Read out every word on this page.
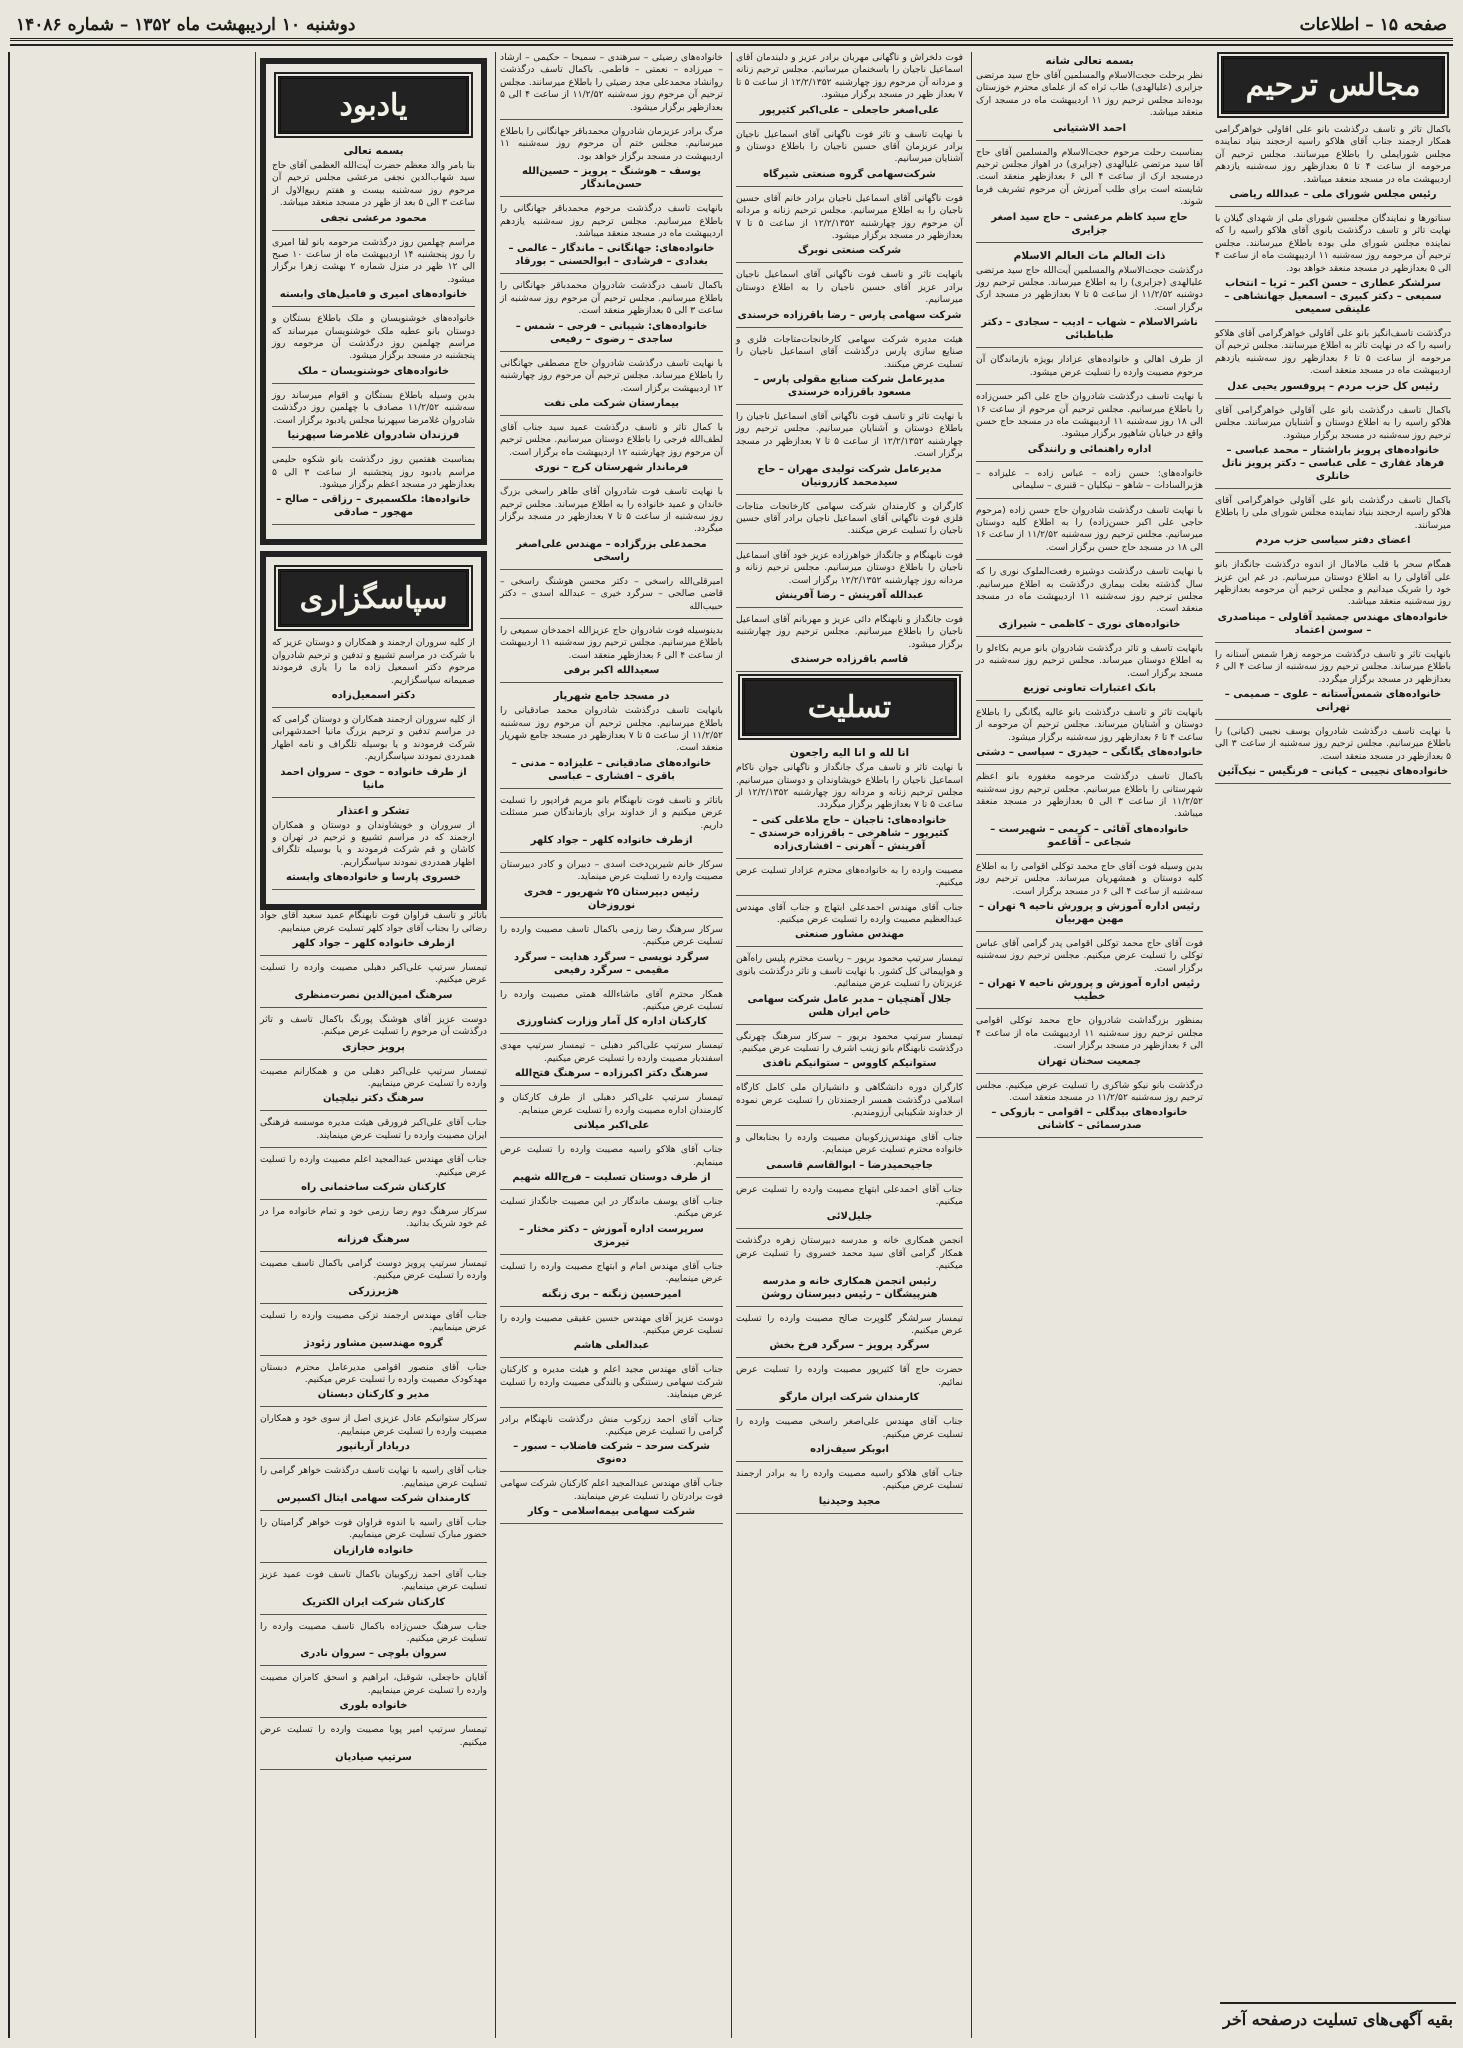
صفحه ۱۵ – اطلاعات
دوشنبه ۱۰ اردیبهشت ماه ۱۳۵۲ – شماره ۱۴۰۸۶
مجالس ترحیم
باکمال تاثر و تاسف درگذشت بانو علی اقاولی خواهرگرامی همکار ارجمند جناب آقای هلاکو راسیه ارحجند بنیاد نماینده مجلس شورایملی را باطلاع میرسانند. مجلس ترحیم آن مرحومه از ساعت ۴ تا ۵ بعدازظهر روز سه‌شنبه یازدهم اردیبهشت ماه در مسجد منعقد میباشد.
رئیس مجلس شورای ملی – عبدالله ریاضی
سناتورها و نمایندگان مجلسین شورای ملی از شهدای گیلان با نهایت تاثر و تاسف درگذشت بانوی آقای هلاکو راسیه را که نماینده مجلس شورای ملی بوده باطلاع میرسانند. مجلس ترحیم آن مرحومه روز سه‌شنبه ۱۱ اردیبهشت ماه از ساعت ۴ الی ۵ بعدازظهر در مسجد منعقد خواهد بود.
سرلشکر عطاری – حسن اکبر – ثریا – انتخاب سمیعی – دکتر کبیری – اسمعیل جهانشاهی – علینقی سمیعی
درگذشت تاسف‌انگیز بانو علی آقاولی خواهرگرامی آقای هلاکو راسیه را که در نهایت تاثر به اطلاع میرسانند. مجلس ترحیم آن مرحومه از ساعت ۵ تا ۶ بعدازظهر روز سه‌شنبه یازدهم اردیبهشت ماه در مسجد منعقد است.
رئیس کل حزب مردم – پروفسور یحیی عدل
باکمال تاسف درگذشت بانو علی آقاولی خواهرگرامی آقای هلاکو راسیه را به اطلاع دوستان و آشنایان میرسانند. مجلس ترحیم روز سه‌شنبه در مسجد برگزار میشود.
خانواده‌های پرویز باراشتار – محمد عباسی – فرهاد غفاری – علی عباسی – دکتر پرویز ناتل خانلری
باکمال تاسف درگذشت بانو علی آقاولی خواهرگرامی آقای هلاکو راسیه ارحجند بنیاد نماینده مجلس شورای ملی را باطلاع میرسانند.
اعضای دفتر سیاسی حزب مردم
همگام سحر با قلب مالامال از اندوه درگذشت جانگداز بانو علی آقاولی را به اطلاع دوستان میرسانیم. در غم این عزیز خود را شریک میدانیم و مجلس ترحیم آن مرحومه بعدازظهر روز سه‌شنبه منعقد میباشد.
خانواده‌های مهندس جمشید آقاولی – میناصدری – سوسن اعتماد
بانهایت تاثر و تاسف درگذشت مرحومه زهرا شمس آستانه را باطلاع میرساند. مجلس ترحیم روز سه‌شنبه از ساعت ۴ الی ۶ بعدازظهر در مسجد برگزار میگردد.
خانواده‌های شمس‌آستانه – علوی – صمیمی – تهرانی
با نهایت تاسف درگذشت شادروان یوسف نجیبی (کیانی) را باطلاع میرسانیم. مجلس ترحیم روز سه‌شنبه از ساعت ۳ الی ۵ بعدازظهر در مسجد منعقد است.
خانواده‌های نجیبی – کیانی – فرنگیس – نیک‌آئین
بسمه تعالی شانه
نظر برحلت حجت‌الاسلام والمسلمین آقای حاج سید مرتضی جزایری (علیالهدی) طاب ثراه که از علمای محترم خوزستان بوده‌اند مجلس ترحیم روز ۱۱ اردیبهشت ماه در مسجد ارک منعقد میباشد.
احمد الاشتیانی
بمناسبت رحلت مرحوم حجت‌الاسلام والمسلمین آقای حاج آقا سید مرتضی علیالهدی (جزایری) در اهواز مجلس ترحیم درمسجد ارک از ساعت ۴ الی ۶ بعدازظهر منعقد است. شایسته است برای طلب آمرزش آن مرحوم تشریف فرما شوند.
حاج سید کاظم مرعشی – حاج سید اصغر جزایری
ذات العالم مات العالم الاسلام
درگذشت حجت‌الاسلام والمسلمین آیت‌الله حاج سید مرتضی علیالهدی (جزایری) را به اطلاع میرساند. مجلس ترحیم روز دوشنبه ۱۱/۲/۵۲ از ساعت ۵ تا ۷ بعدازظهر در مسجد ارک برگزار است.
ناشرالاسلام – شهاب – ادیب – سجادی – دکتر طباطبائی
از طرف اهالی و خانواده‌های عزادار بویژه بازماندگان آن مرحوم مصیبت وارده را تسلیت عرض میشود.
با نهایت تاسف درگذشت شادروان حاج علی اکبر حسن‌زاده را باطلاع میرسانیم. مجلس ترحیم آن مرحوم از ساعت ۱۶ الی ۱۸ روز سه‌شنبه ۱۱ اردیبهشت ماه در مسجد حاج حسن واقع در خیابان شاهپور برگزار میشود.
اداره راهنمائی و رانندگی
خانواده‌های: حسن زاده – عباس زاده – علیزاده – هژبرالسادات – شاهو – نیکلیان – قنبری – سلیمانی
با نهایت تاسف درگذشت شادروان حاج حسن زاده (مرحوم حاجی علی اکبر حسن‌زاده) را به اطلاع کلیه دوستان میرسانیم. مجلس ترحیم روز سه‌شنبه ۱۱/۲/۵۲ از ساعت ۱۶ الی ۱۸ در مسجد حاج حسن برگزار است.
با نهایت تاسف درگذشت دوشیزه رفعت‌الملوک نوری را که سال گذشته بعلت بیماری درگذشت به اطلاع میرسانیم. مجلس ترحیم روز سه‌شنبه ۱۱ اردیبهشت ماه در مسجد منعقد است.
خانواده‌های نوری – کاظمی – شیرازی
بانهایت تاسف و تاثر درگذشت شادروان بانو مریم بکاءلو را به اطلاع دوستان میرساند. مجلس ترحیم روز سه‌شنبه در مسجد برگزار است.
بانک اعتبارات تعاونی توزیع
بانهایت تاثر و تاسف درگذشت بانو عالیه یگانگی را باطلاع دوستان و آشنایان میرساند. مجلس ترحیم آن مرحومه از ساعت ۴ تا ۶ بعدازظهر روز سه‌شنبه برگزار میشود.
خانواده‌های یگانگی – حیدری – سپاسی – دشتی
باکمال تاسف درگذشت مرحومه مغفوره بانو اعظم شهرستانی را باطلاع میرسانیم. مجلس ترحیم روز سه‌شنبه ۱۱/۲/۵۲ از ساعت ۳ الی ۵ بعدازظهر در مسجد منعقد میباشد.
خانواده‌های آقائی – کریمی – شهیرست – شجاعی – آقاعمو
بدین وسیله فوت آقای حاج محمد توکلی اقوامی را به اطلاع کلیه دوستان و همشهریان میرساند. مجلس ترحیم روز سه‌شنبه از ساعت ۴ الی ۶ در مسجد برگزار است.
رئیس اداره آموزش و پرورش ناحیه ۹ تهران – مهین مهربیان
فوت آقای حاج محمد توکلی اقوامی پدر گرامی آقای عباس توکلی را تسلیت عرض میکنیم. مجلس ترحیم روز سه‌شنبه برگزار است.
رئیس اداره آموزش و پرورش ناحیه ۷ تهران – خطیب
بمنظور بزرگداشت شادروان حاج محمد توکلی اقوامی مجلس ترحیم روز سه‌شنبه ۱۱ اردیبهشت ماه از ساعت ۴ الی ۶ بعدازظهر در مسجد برگزار است.
جمعیت سخنان تهران
درگذشت بانو نیکو شاکری را تسلیت عرض میکنیم. مجلس ترحیم روز سه‌شنبه ۱۱/۲/۵۲ در مسجد منعقد است.
خانواده‌های بیدگلی – اقوامی – بازوکی – صدرسمائی – کاشانی
فوت دلخراش و ناگهانی مهربان برادر عزیز و دلبندمان آقای اسماعیل ناجیان را باسخنمان میرسانیم. مجلس ترحیم زنانه و مردانه آن مرحوم روز چهارشنبه ۱۲/۲/۱۳۵۲ از ساعت ۵ تا ۷ بعداز ظهر در مسجد برگزار میشود.
علی‌اصغر حاجعلی – علی‌اکبر کثیرپور
با نهایت تاسف و تاثر فوت ناگهانی آقای اسماعیل ناجیان برادر عزیزمان آقای حسین ناجیان را باطلاع دوستان و آشنایان میرسانیم.
شرکت‌سهامی گروه صنعتی شیرگاه
فوت ناگهانی آقای اسماعیل ناجیان برادر خانم آقای حسین ناجیان را به اطلاع میرسانیم. مجلس ترحیم زنانه و مردانه آن مرحوم روز چهارشنبه ۱۲/۲/۱۳۵۲ از ساعت ۵ تا ۷ بعدازظهر در مسجد برگزار میشود.
شرکت صنعتی نوبرگ
بانهایت تاثر و تاسف فوت ناگهانی آقای اسماعیل ناجیان برادر عزیز آقای حسین ناجیان را به اطلاع دوستان میرسانیم.
شرکت سهامی پارس – رضا باقرزاده خرسندی
هیئت مدیره شرکت سهامی کارخانجات‌متاجات فلزی و صنایع سازی پارس درگذشت آقای اسماعیل ناجیان را تسلیت عرض میکنند.
مدیرعامل شرکت صنایع مقولی پارس – مسعود باقرزاده خرسندی
با نهایت تاثر و تاسف فوت ناگهانی آقای اسماعیل ناجیان را باطلاع دوستان و آشنایان میرسانیم. مجلس ترحیم روز چهارشنبه ۱۲/۲/۱۳۵۲ از ساعت ۵ تا ۷ بعدازظهر در مسجد برگزار است.
مدیرعامل شرکت تولیدی مهران – حاج سیدمحمد کازرونیان
کارگران و کارمندان شرکت سهامی کارخانجات متاجات فلزی فوت ناگهانی آقای اسماعیل ناجیان برادر آقای حسین ناجیان را تسلیت عرض میکنند.
فوت نابهنگام و جانگداز خواهرزاده عزیز خود آقای اسماعیل ناجیان را باطلاع دوستان میرسانیم. مجلس ترحیم زنانه و مردانه روز چهارشنبه ۱۲/۲/۱۳۵۲ برگزار است.
عبدالله آفرینش – رضا آفرینش
فوت جانگداز و نابهنگام دائی عزیز و مهربانم آقای اسماعیل ناجیان را باطلاع میرسانیم. مجلس ترحیم روز چهارشنبه برگزار میشود.
قاسم باقرزاده خرسندی
تسلیت
انا لله و انا الیه راجعون
با نهایت تاثر و تاسف مرگ جانگداز و ناگهانی جوان ناکام اسماعیل ناجیان را باطلاع خویشاوندان و دوستان میرسانیم. مجلس ترحیم زنانه و مردانه روز چهارشنبه ۱۲/۲/۱۳۵۲ از ساعت ۵ تا ۷ بعدازظهر برگزار میگردد.
خانواده‌های: ناجیان – حاج ملاعلی کنی – کثیرپور – شاهرخی – باقرزاده خرسندی – آفرینش – آهرنی – افشاری‌زاده
مصیبت وارده را به خانواده‌های محترم عزادار تسلیت عرض میکنیم.
جناب آقای مهندس احمدعلی ابتهاج و جناب آقای مهندس عبدالعظیم مصیبت وارده را تسلیت عرض میکنیم.
مهندس مشاور صنعتی
تیمسار سرتیپ محمود بریور – ریاست محترم پلیس راه‌آهن و هواپیمائی کل کشور. با نهایت تاسف و تاثر درگذشت بانوی عزیزتان را تسلیت عرض مینمائیم.
جلال آهنچیان – مدیر عامل شرکت سهامی خاص ایران هلس
تیمسار سرتیپ محمود بریور – سرکار سرهنگ چهرنگی درگذشت نابهنگام بانو زینب اشرف را تسلیت عرض میکنیم.
ستوانیکم کاووس – ستوانیکم نافذی
کارگران دوره دانشگاهی و دانشیاران ملی کامل کارگاه اسلامی درگذشت همسر ارجمندتان را تسلیت عرض نموده از خداوند شکیبایی آرزومندیم.
جناب آقای مهندس‌زرکوبیان مصیبت وارده را بجنابعالی و خانواده محترم تسلیت عرض مینمایم.
جاجیحمیدرضا – ابوالقاسم قاسمی
جناب آقای احمدعلی ابتهاج مصیبت وارده را تسلیت عرض میکنیم.
جلیل‌لائی
انجمن همکاری خانه و مدرسه دبیرستان زهره درگذشت همکار گرامی آقای سید محمد خسروی را تسلیت عرض میکنیم.
رئیس انجمن همکاری خانه و مدرسه هنرپیشگان – رئیس دبیرستان روشن
تیمسار سرلشگر گلوپرت صالح مصیبت وارده را تسلیت عرض میکنیم.
سرگرد پرویز – سرگرد فرخ بخش
حضرت حاج آقا کثیرپور مصیبت وارده را تسلیت عرض نمائیم.
کارمندان شرکت ایران مارگو
جناب آقای مهندس علی‌اصغر راسخی مصیبت وارده را تسلیت عرض میکنیم.
ابوبکر سیف‌زاده
جناب آقای هلاکو راسیه مصیبت وارده را به برادر ارجمند تسلیت عرض میکنیم.
مجید وحیدنیا
خانواده‌های رضیئی – سرهندی – سمیحا – حکیمی – ارشاد – میرزاده – نعمتی – فاطمی. باکمال تاسف درگذشت روانشاد محمدعلی مجد رضیئی را باطلاع میرسانند. مجلس ترحیم آن مرحوم روز سه‌شنبه ۱۱/۲/۵۲ از ساعت ۴ الی ۵ بعدازظهر برگزار میشود.
مرگ برادر عزیزمان شادروان محمدباقر جهانگانی را باطلاع میرسانیم. مجلس ختم آن مرحوم روز سه‌شنبه ۱۱ اردیبهشت در مسجد برگزار خواهد بود.
یوسف – هوشنگ – پرویز – حسین‌الله حسن‌ماندگار
بانهایت تاسف درگذشت مرحوم محمدباقر جهانگانی را باطلاع میرسانیم. مجلس ترحیم روز سه‌شنبه یازدهم اردیبهشت ماه در مسجد منعقد میباشد.
خانواده‌های: جهانگانی – ماندگار – عالمی – بغدادی – فرشادی – ابوالحسنی – بورقاد
باکمال تاسف درگذشت شادروان محمدباقر جهانگانی را باطلاع میرسانیم. مجلس ترحیم آن مرحوم روز سه‌شنبه از ساعت ۳ الی ۵ بعدازظهر منعقد است.
خانواده‌های: شیبانی – فرجی – شمس – ساجدی – رضوی – رفیعی
با نهایت تاسف درگذشت شادروان حاج مصطفی جهانگانی را باطلاع میرساند. مجلس ترحیم آن مرحوم روز چهارشنبه ۱۲ اردیبهشت برگزار است.
بیمارستان شرکت ملی نفت
با کمال تاثر و تاسف درگذشت عمید سید جناب آقای لطف‌الله فرجی را باطلاع دوستان میرسانیم. مجلس ترحیم آن مرحوم روز چهارشنبه ۱۲ اردیبهشت ماه برگزار است.
فرماندار شهرستان کرج – نوری
با نهایت تاسف فوت شادروان آقای طاهر راسخی بزرگ خاندان و عمید خانواده را به اطلاع میرساند. مجلس ترحیم روز سه‌شنبه از ساعت ۵ تا ۷ بعدازظهر در مسجد برگزار میگردد.
محمدعلی بزرگزاده – مهندس علی‌اصغر راسخی
امیرقلی‌الله راسخی – دکتر محسن هوشنگ راسخی – قاضی صالحی – سرگرد خیری – عبدالله اسدی – دکتر حبیب‌الله
بدینوسیله فوت شادروان حاج عزیزالله احمدخان سمیعی را باطلاع میرسانیم. مجلس ترحیم روز سه‌شنبه ۱۱ اردیبهشت از ساعت ۴ الی ۶ بعدازظهر منعقد است.
سعیدالله اکبر برفی
در مسجد جامع شهرپار
بانهایت تاسف درگذشت شادروان محمد صادقیانی را باطلاع میرسانیم. مجلس ترحیم آن مرحوم روز سه‌شنبه ۱۱/۲/۵۲ از ساعت ۵ تا ۷ بعدازظهر در مسجد جامع شهرپار منعقد است.
خانواده‌های صادقیانی – علیزاده – مدنی – باقری – افشاری – عباسی
باتاثر و تاسف فوت نابهنگام بانو مریم فرادپور را تسلیت عرض میکنیم و از خداوند برای بازماندگان صبر مسئلت داریم.
ازطرف خانواده کلهر – جواد کلهر
سرکار خانم شیرین‌دخت اسدی – دبیران و کادر دبیرستان مصیبت وارده را تسلیت عرض مینماید.
رئیس دبیرستان ۲۵ شهریور – فخری نوروزخان
سرکار سرهنگ رضا رزمی باکمال تاسف مصیبت وارده را تسلیت عرض میکنیم.
سرگرد نویسی – سرگرد هدایت – سرگرد مقیمی – سرگرد رفیعی
همکار محترم آقای ماشاءالله همتی مصیبت وارده را تسلیت عرض میکنیم.
کارکنان اداره کل آمار وزارت کشاورزی
تیمسار سرتیپ علی‌اکبر دهبلی – تیمسار سرتیپ مهدی اسفندیار مصیبت وارده را تسلیت عرض میکنیم.
سرهنگ دکتر اکبرزاده – سرهنگ فتح‌الله
تیمسار سرتیپ علی‌اکبر دهبلی از طرف کارکنان و کارمندان اداره مصیبت وارده را تسلیت عرض مینمایم.
علی‌اکبر میلانی
جناب آقای هلاکو راسیه مصیبت وارده را تسلیت عرض مینمایم.
از طرف دوستان تسلیت – فرج‌الله شهیم
جناب آقای یوسف ماندگار در این مصیبت جانگداز تسلیت عرض میکنم.
سرپرست اداره آموزش – دکتر مختار – تیرمزی
جناب آقای مهندس امام و ابتهاج مصیبت وارده را تسلیت عرض مینماییم.
امیرحسین زنگنه – بری زنگنه
دوست عزیز آقای مهندس حسین عقیقی مصیبت وارده را تسلیت عرض میکنیم.
عبدالعلی هاشم
جناب آقای مهندس مجید اعلم و هیئت مدیره و کارکنان شرکت سهامی رستنگی و بالندگی مصیبت وارده را تسلیت عرض مینمایند.
جناب آقای احمد زرکوب منش درگذشت نابهنگام برادر گرامی را تسلیت عرض میکنیم.
شرکت سرحد – شرکت فاضلاب – سبور – ده‌نوی
جناب آقای مهندس عبدالمجید اعلم کارکنان شرکت سهامی فوت برادرتان را تسلیت عرض مینمایند.
شرکت سهامی بیمه‌اسلامی – وکار
یادبود
بسمه تعالی
بنا بامر والد معظم حضرت آیت‌الله العظمی آقای حاج سید شهاب‌الدین نجفی مرعشی مجلس ترحیم آن مرحوم روز سه‌شنبه بیست و هفتم ربیع‌الاول از ساعت ۳ الی ۵ بعد از ظهر در مسجد منعقد میباشد.
محمود مرعشی نجفی
مراسم چهلمین روز درگذشت مرحومه بانو لقا امیری را روز پنجشنبه ۱۴ اردیبهشت ماه از ساعت ۱۰ صبح الی ۱۲ ظهر در منزل شماره ۲ بهشت زهرا برگزار میشود.
خانواده‌های امیری و فامیل‌های وابسته
خانواده‌های خوشنویسان و ملک باطلاع بستگان و دوستان بانو عطیه ملک خوشنویسان میرساند که مراسم چهلمین روز درگذشت آن مرحومه روز پنجشنبه در مسجد برگزار میشود.
خانواده‌های خوشنویسان – ملک
بدین وسیله باطلاع بستگان و اقوام میرساند روز سه‌شنبه ۱۱/۲/۵۲ مصادف با چهلمین روز درگذشت شادروان غلامرضا سپهرنیا مجلس یادبود برگزار است.
فرزندان شادروان غلامرضا سپهرنیا
بمناسبت هفتمین روز درگذشت بانو شکوه حلیمی مراسم یادبود روز پنجشنبه از ساعت ۳ الی ۵ بعدازظهر در مسجد اعظم برگزار میشود.
خانواده‌ها: ملکسمیری – رزاقی – صالح – مهجور – صادقی
سپاسگزاری
از کلیه سروران ارجمند و همکاران و دوستان عزیز که با شرکت در مراسم تشییع و تدفین و ترحیم شادروان مرحوم دکتر اسمعیل زاده ما را یاری فرمودند صمیمانه سپاسگزاریم.
دکتر اسمعیل‌زاده
از کلیه سروران ارجمند همکاران و دوستان گرامی که در مراسم تدفین و ترحیم بزرگ مانیا احمدشهرابی شرکت فرمودند و یا بوسیله تلگراف و نامه اظهار همدردی نمودند سپاسگزاریم.
از طرف خانواده – خوی – سروان احمد مانیا
تشکر و اعتذار
از سروران و خویشاوندان و دوستان و همکاران ارجمند که در مراسم تشییع و ترحیم در تهران و کاشان و قم شرکت فرمودند و یا بوسیله تلگراف اظهار همدردی نمودند سپاسگزاریم.
خسروی پارسا و خانواده‌های وابسته
باتاثر و تاسف فراوان فوت نابهنگام عمید سعید آقای جواد رضائی را بجناب آقای جواد کلهر تسلیت عرض مینماییم.
ازطرف خانواده کلهر – جواد کلهر
تیمسار سرتیپ علی‌اکبر دهبلی مصیبت وارده را تسلیت عرض میکنیم.
سرهنگ امین‌الدین نصرت‌منظری
دوست عزیز آقای هوشنگ پورنگ باکمال تاسف و تاثر درگذشت آن مرحوم را تسلیت عرض میکنم.
پرویز حجازی
تیمسار سرتیپ علی‌اکبر دهبلی من و همکارانم مصیبت وارده را تسلیت عرض مینماییم.
سرهنگ دکتر نیلچیان
جناب آقای علی‌اکبر فرورقی هیئت مدیره موسسه فرهنگی ایران مصیبت وارده را تسلیت عرض مینمایند.
جناب آقای مهندس عبدالمجید اعلم مصیبت وارده را تسلیت عرض میکنیم.
کارکنان شرکت ساختمانی راه
سرکار سرهنگ دوم رضا رزمی خود و تمام خانواده مرا در غم خود شریک بدانید.
سرهنگ فرزانه
تیمسار سرتیپ پرویز دوست گرامی باکمال تاسف مصیبت وارده را تسلیت عرض میکنیم.
هژیرزرکی
جناب آقای مهندس ارجمند تزکی مصیبت وارده را تسلیت عرض مینماییم.
گروه مهندسین مشاور زئودژ
جناب آقای منصور اقوامی مدیرعامل محترم دبستان مهدکودک مصیبت وارده را تسلیت عرض میکنیم.
مدیر و کارکنان دبستان
سرکار ستوانیکم عادل عزیزی اصل از سوی خود و همکاران مصیبت وارده را تسلیت عرض مینماییم.
دریادار آریانپور
جناب آقای راسیه با نهایت تاسف درگذشت خواهر گرامی را تسلیت عرض مینماییم.
کارمندان شرکت سهامی ایتال اکسپرس
جناب آقای راسیه با اندوه فراوان فوت خواهر گرامیتان را حضور مبارک تسلیت عرض مینماییم.
خانواده فارازیان
جناب آقای احمد زرکوبیان باکمال تاسف فوت عمید عزیز تسلیت عرض مینماییم.
کارکنان شرکت ایران الکتریک
جناب سرهنگ حسن‌زاده باکمال تاسف مصیبت وارده را تسلیت عرض میکنیم.
سروان بلوچی – سروان نادری
آقایان حاجعلی، شوقبل، ابراهیم و اسحق کامران مصیبت وارده را تسلیت عرض مینماییم.
خانواده بلوری
تیمسار سرتیپ امیر پویا مصیبت وارده را تسلیت عرض میکنیم.
سرتیپ صیادیان
بقیه آگهی‌های تسلیت درصفحه آخر
